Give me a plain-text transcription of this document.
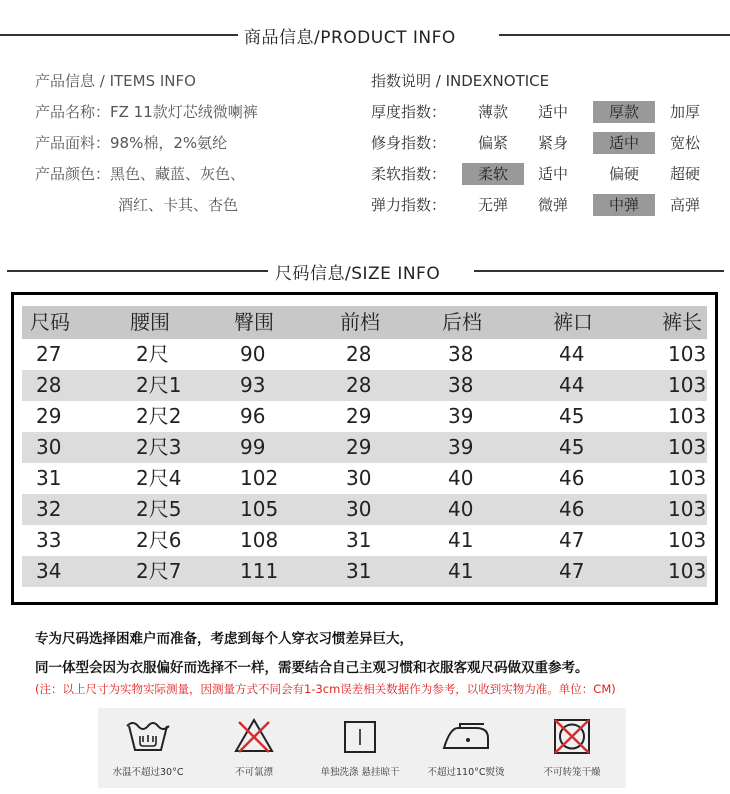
商品信息/PRODUCT INFO
产品信息 / ITEMS INFO
产品名称：FZ 11款灯芯绒微喇裤
产品面料：98%棉，2%氨纶
产品颜色：黑色、藏蓝、灰色、
酒红、卡其、杏色
指数说明 / INDEXNOTICE
厚度指数：	薄款	适中	厚款	加厚
修身指数：	偏紧	紧身	适中	宽松
柔软指数：	柔软	适中	偏硬	超硬
弹力指数：	无弹	微弹	中弹	高弹
尺码信息/SIZE INFO
尺码	腰围	臀围	前档	后档	裤口	裤长
27	2尺	90	28	38	44	103
28	2尺1	93	28	38	44	103
29	2尺2	96	29	39	45	103
30	2尺3	99	29	39	45	103
31	2尺4	102	30	40	46	103
32	2尺5	105	30	40	46	103
33	2尺6	108	31	41	47	103
34	2尺7	111	31	41	47	103
专为尺码选择困难户而准备，考虑到每个人穿衣习惯差异巨大，
同一体型会因为衣服偏好而选择不一样，需要结合自己主观习惯和衣服客观尺码做双重参考。
(注：以上尺寸为实物实际测量，因测量方式不同会有1-3cm误差相关数据作为参考，以收到实物为准。单位：CM)
水温不超过30°C	不可氯漂	单独洗涤 悬挂晾干	不超过110°C熨烫	不可转笼干燥
